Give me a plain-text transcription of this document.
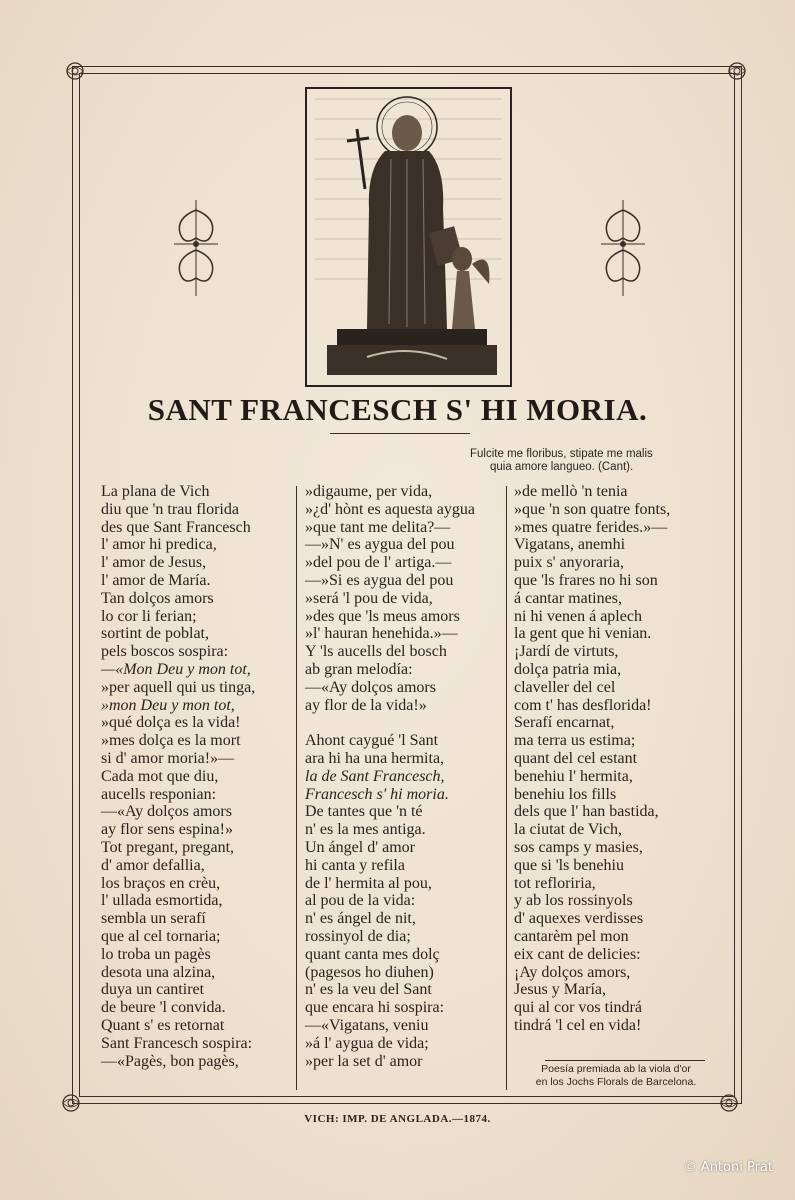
SANT FRANCESCH S' HI MORIA.
Fulcite me floribus, stipate me malis
quia amore langueo. (Cant).
La plana de Vich
diu que 'n trau florida
des que Sant Francesch
l' amor hi predica,
l' amor de Jesus,
l' amor de María.
Tan dolços amors
lo cor li ferian;
sortint de poblat,
pels boscos sospira:
—«Mon Deu y mon tot,
»per aquell qui us tinga,
»mon Deu y mon tot,
»qué dolça es la vida!
»mes dolça es la mort
si d' amor moria!»—
Cada mot que diu,
aucells responian:
—«Ay dolços amors
ay flor sens espina!»
Tot pregant, pregant,
d' amor defallia,
los braços en crèu,
l' ullada esmortida,
sembla un serafí
que al cel tornaria;
lo troba un pagès
desota una alzina,
duya un cantiret
de beure 'l convida.
Quant s' es retornat
Sant Francesch sospira:
—«Pagès, bon pagès,
»digaume, per vida,
»¿d' hònt es aquesta aygua
»que tant me delita?—
—»N' es aygua del pou
»del pou de l' artiga.—
—»Si es aygua del pou
»será 'l pou de vida,
»des que 'ls meus amors
»l' hauran henehida.»—
Y 'ls aucells del bosch
ab gran melodía:
—«Ay dolços amors
ay flor de la vida!»
Ahont caygué 'l Sant
ara hi ha una hermita,
la de Sant Francesch,
Francesch s' hi moria.
De tantes que 'n té
n' es la mes antiga.
Un ángel d' amor
hi canta y refila
de l' hermita al pou,
al pou de la vida:
n' es ángel de nit,
rossinyol de dia;
quant canta mes dolç
(pagesos ho diuhen)
n' es la veu del Sant
que encara hi sospira:
—«Vigatans, veniu
»á l' aygua de vida;
»per la set d' amor
»de mellò 'n tenia
»que 'n son quatre fonts,
»mes quatre ferides.»—
Vigatans, anemhi
puix s' anyoraria,
que 'ls frares no hi son
á cantar matines,
ni hi venen á aplech
la gent que hi venian.
¡Jardí de virtuts,
dolça patria mia,
claveller del cel
com t' has desflorida!
Serafí encarnat,
ma terra us estima;
quant del cel estant
benehiu l' hermita,
benehiu los fills
dels que l' han bastida,
la ciutat de Vich,
sos camps y masies,
que si 'ls benehiu
tot refloriria,
y ab los rossinyols
d' aquexes verdisses
cantarèm pel mon
eix cant de delicies:
¡Ay dolços amors,
Jesus y María,
qui al cor vos tindrá
tindrá 'l cel en vida!
Poesía premiada ab la viola d'or
en los Jochs Florals de Barcelona.
VICH: IMP. DE ANGLADA.—1874.
© Antoni Prat
